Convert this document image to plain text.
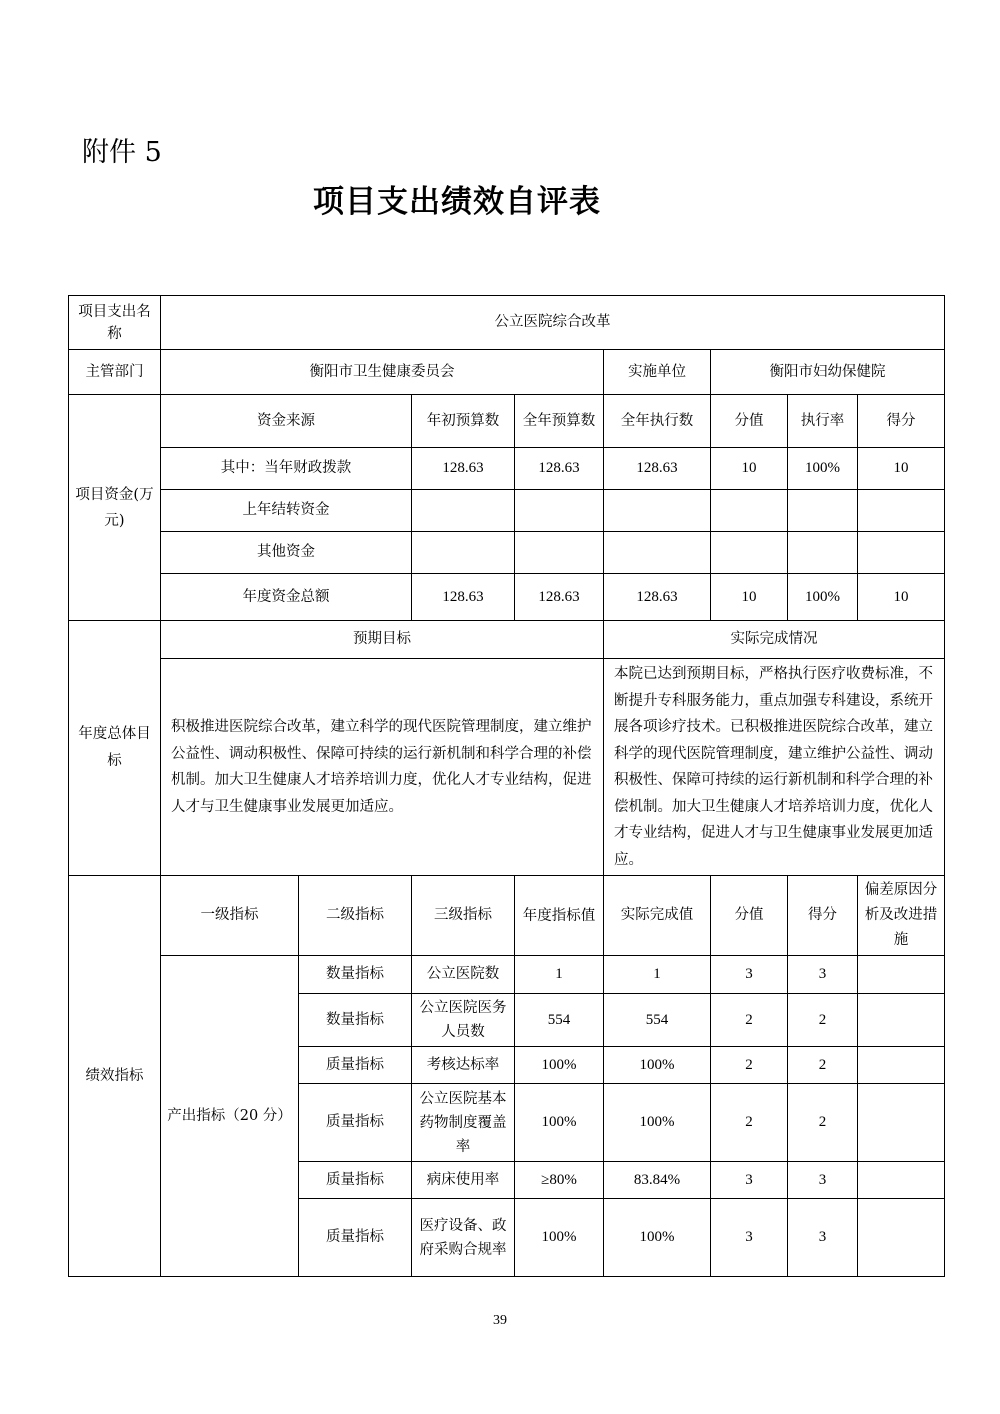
附件 5
项目支出绩效自评表
项目支出名称	公立医院综合改革							
主管部门	衡阳市卫生健康委员会				实施单位	衡阳市妇幼保健院		
项目资金(万元)	资金来源		年初预算数	全年预算数	全年执行数	分值	执行率	得分
	其中：当年财政拨款		128.63	128.63	128.63	10	100%	10
	上年结转资金							
	其他资金							
	年度资金总额		128.63	128.63	128.63	10	100%	10
年度总体目标	预期目标				实际完成情况			
	积极推进医院综合改革，建立科学的现代医院管理制度，建立维护公益性、调动积极性、保障可持续的运行新机制和科学合理的补偿机制。加大卫生健康人才培养培训力度，优化人才专业结构，促进人才与卫生健康事业发展更加适应。				本院已达到预期目标，严格执行医疗收费标准，不断提升专科服务能力，重点加强专科建设，系统开展各项诊疗技术。已积极推进医院综合改革，建立科学的现代医院管理制度，建立维护公益性、调动积极性、保障可持续的运行新机制和科学合理的补偿机制。加大卫生健康人才培养培训力度，优化人才专业结构，促进人才与卫生健康事业发展更加适应。			
绩效指标	一级指标	二级指标	三级指标	年度指标值	实际完成值	分值	得分	偏差原因分析及改进措施
	产出指标（20 分）	数量指标	公立医院数	1	1	3	3	
		数量指标	公立医院医务人员数	554	554	2	2	
		质量指标	考核达标率	100%	100%	2	2	
		质量指标	公立医院基本药物制度覆盖率	100%	100%	2	2	
		质量指标	病床使用率	≥80%	83.84%	3	3	
		质量指标	医疗设备、政府采购合规率	100%	100%	3	3	
39
